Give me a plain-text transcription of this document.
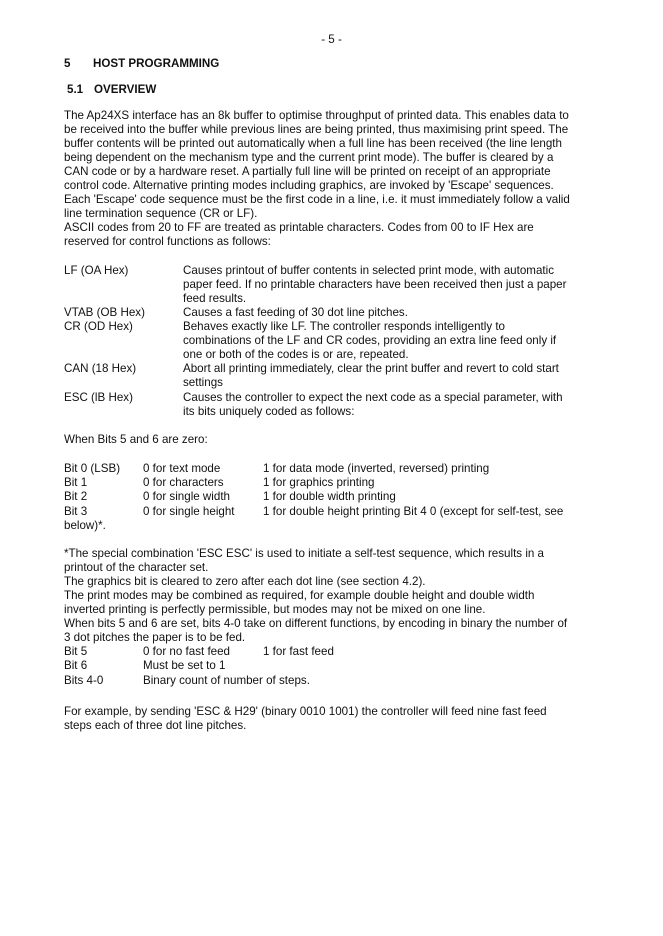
- 5 -
5 HOST PROGRAMMING
5.1 OVERVIEW
The Ap24XS interface has an 8k buffer to optimise throughput of printed data. This enables data to
be received into the buffer while previous lines are being printed, thus maximising print speed. The
buffer contents will be printed out automatically when a full line has been received (the line length
being dependent on the mechanism type and the current print mode). The buffer is cleared by a
CAN code or by a hardware reset. A partially full line will be printed on receipt of an appropriate
control code. Alternative printing modes including graphics, are invoked by 'Escape' sequences.
Each 'Escape' code sequence must be the first code in a line, i.e. it must immediately follow a valid
line termination sequence (CR or LF).
ASCII codes from 20 to FF are treated as printable characters. Codes from 00 to IF Hex are
reserved for control functions as follows:
LF (OA Hex)	Causes printout of buffer contents in selected print mode, with automatic
paper feed. If no printable characters have been received then just a paper
feed results.
VTAB (OB Hex)	Causes a fast feeding of 30 dot line pitches.
CR (OD Hex)	Behaves exactly like LF. The controller responds intelligently to
combinations of the LF and CR codes, providing an extra line feed only if
one or both of the codes is or are, repeated.
CAN (18 Hex)	Abort all printing immediately, clear the print buffer and revert to cold start
settings
ESC (lB Hex)	Causes the controller to expect the next code as a special parameter, with
its bits uniquely coded as follows:
When Bits 5 and 6 are zero:
Bit 0 (LSB) 0 for text mode	1 for data mode (inverted, reversed) printing
Bit 1	0 for characters	1 for graphics printing
Bit 2	0 for single width	1 for double width printing
Bit 3	0 for single height 1 for double height printing Bit 4 0 (except for self-test, see
below)*.
*The special combination 'ESC ESC' is used to initiate a self-test sequence, which results in a
printout of the character set.
The graphics bit is cleared to zero after each dot line (see section 4.2).
The print modes may be combined as required, for example double height and double width
inverted printing is perfectly permissible, but modes may not be mixed on one line.
When bits 5 and 6 are set, bits 4-0 take on different functions, by encoding in binary the number of
3 dot pitches the paper is to be fed.
Bit 5	0 for no fast feed	1 for fast feed
Bit 6	Must be set to 1
Bits 4-0	Binary count of number of steps.
For example, by sending 'ESC & H29' (binary 0010 1001) the controller will feed nine fast feed
steps each of three dot line pitches.
